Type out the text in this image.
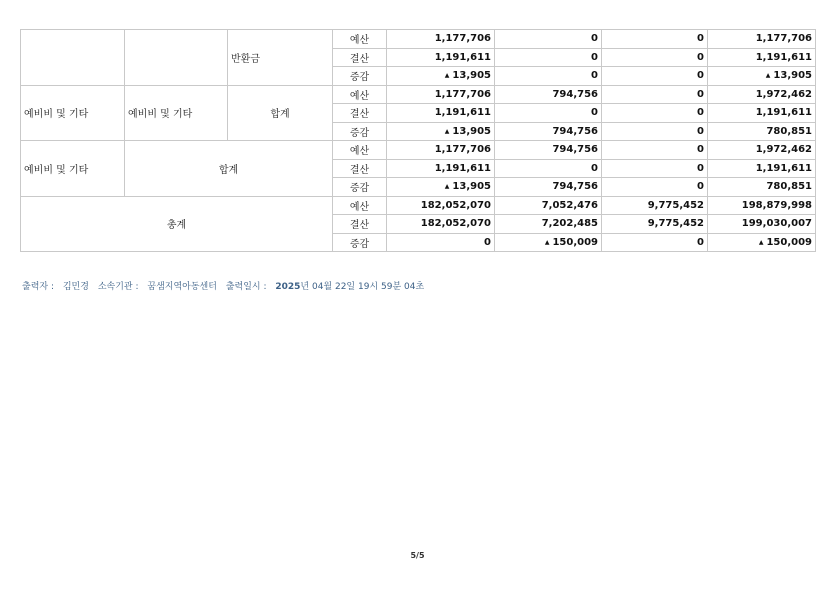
		반환금	예산	1,177,706	0	0	1,177,706
			결산	1,191,611	0	0	1,191,611
			증감	▲ 13,905	0	0	▲ 13,905
예비비 및 기타	예비비 및 기타	합계	예산	1,177,706	794,756	0	1,972,462
			결산	1,191,611	0	0	1,191,611
			증감	▲ 13,905	794,756	0	780,851
예비비 및 기타	합계		예산	1,177,706	794,756	0	1,972,462
			결산	1,191,611	0	0	1,191,611
			증감	▲ 13,905	794,756	0	780,851
총계			예산	182,052,070	7,052,476	9,775,452	198,879,998
			결산	182,052,070	7,202,485	9,775,452	199,030,007
			증감	0	▲ 150,009	0	▲ 150,009
출력자 : 김민경 소속기관 : 꿈샘지역아동센터 출력일시 : 2025년 04월 22일 19시 59분 04초
5/5
